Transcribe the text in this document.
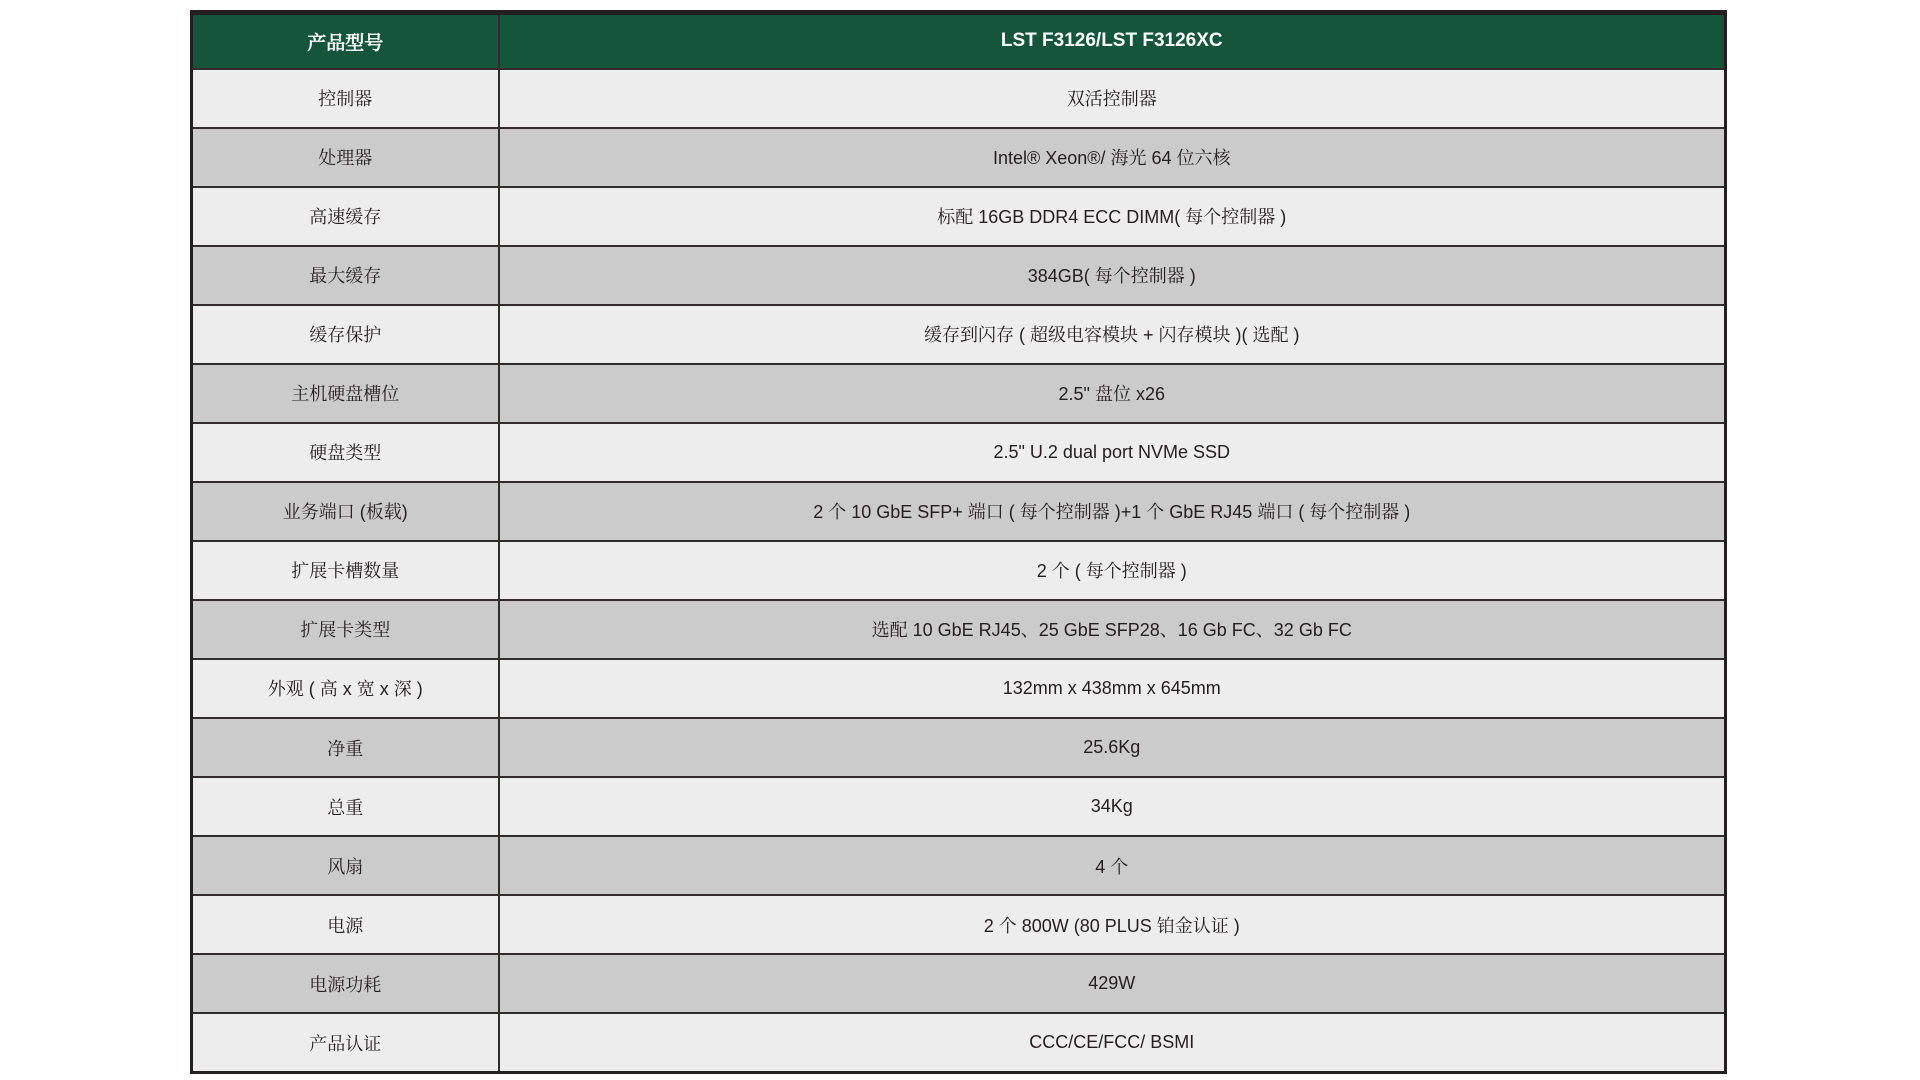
产品型号	LST F3126/LST F3126XC
控制器	双活控制器
处理器	Intel® Xeon®/ 海光 64 位六核
高速缓存	标配 16GB DDR4 ECC DIMM( 每个控制器 )
最大缓存	384GB( 每个控制器 )
缓存保护	缓存到闪存 ( 超级电容模块 + 闪存模块 )( 选配 )
主机硬盘槽位	2.5" 盘位 x26
硬盘类型	2.5" U.2 dual port NVMe SSD
业务端口 (板载)	2 个 10 GbE SFP+ 端口 ( 每个控制器 )+1 个 GbE RJ45 端口 ( 每个控制器 )
扩展卡槽数量	2 个 ( 每个控制器 )
扩展卡类型	选配 10 GbE RJ45、25 GbE SFP28、16 Gb FC、32 Gb FC
外观 ( 高 x 宽 x 深 )	132mm x 438mm x 645mm
净重	25.6Kg
总重	34Kg
风扇	4 个
电源	2 个 800W (80 PLUS 铂金认证 )
电源功耗	429W
产品认证	CCC/CE/FCC/ BSMI
